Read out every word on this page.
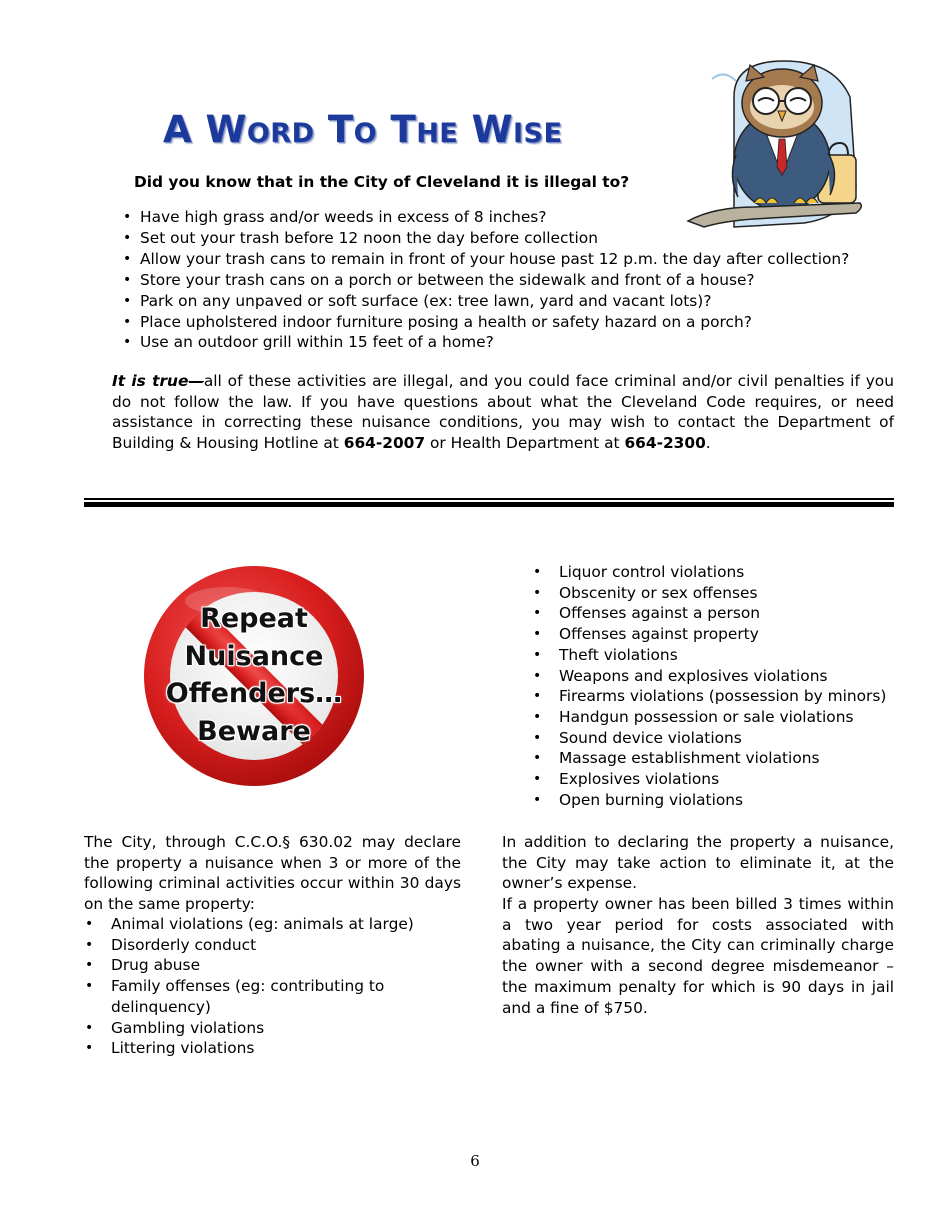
A WORD TO THE WISE
Did you know that in the City of Cleveland it is illegal to?
• Have high grass and/or weeds in excess of 8 inches?
• Set out your trash before 12 noon the day before collection
• Allow your trash cans to remain in front of your house past 12 p.m. the day after collection?
• Store your trash cans on a porch or between the sidewalk and front of a house?
• Park on any unpaved or soft surface (ex: tree lawn, yard and vacant lots)?
• Place upholstered indoor furniture posing a health or safety hazard on a porch?
• Use an outdoor grill within 15 feet of a home?

It is true—all of these activities are illegal, and you could face criminal and/or civil penalties if you do not follow the law. If you have questions about what the Cleveland Code requires, or need assistance in correcting these nuisance conditions, you may wish to contact the Department of Building & Housing Hotline at 664-2007 or Health Department at 664-2300.

Repeat
Nuisance
Offenders…
Beware
• Liquor control violations
• Obscenity or sex offenses
• Offenses against a person
• Offenses against property
• Theft violations
• Weapons and explosives violations
• Firearms violations (possession by minors)
• Handgun possession or sale violations
• Sound device violations
• Massage establishment violations
• Explosives violations
• Open burning violations

The City, through C.C.O.§ 630.02 may declare the property a nuisance when 3 or more of the following criminal activities occur within 30 days on the same property:

• Animal violations (eg: animals at large)
• Disorderly conduct
• Drug abuse
• Family offenses (eg: contributing to delinquency)
• Gambling violations
• Littering violations

In addition to declaring the property a nuisance, the City may take action to eliminate it, at the owner’s expense.

If a property owner has been billed 3 times within a two year period for costs associated with abating a nuisance, the City can criminally charge the owner with a second degree misdemeanor – the maximum penalty for which is 90 days in jail and a fine of $750.

6
